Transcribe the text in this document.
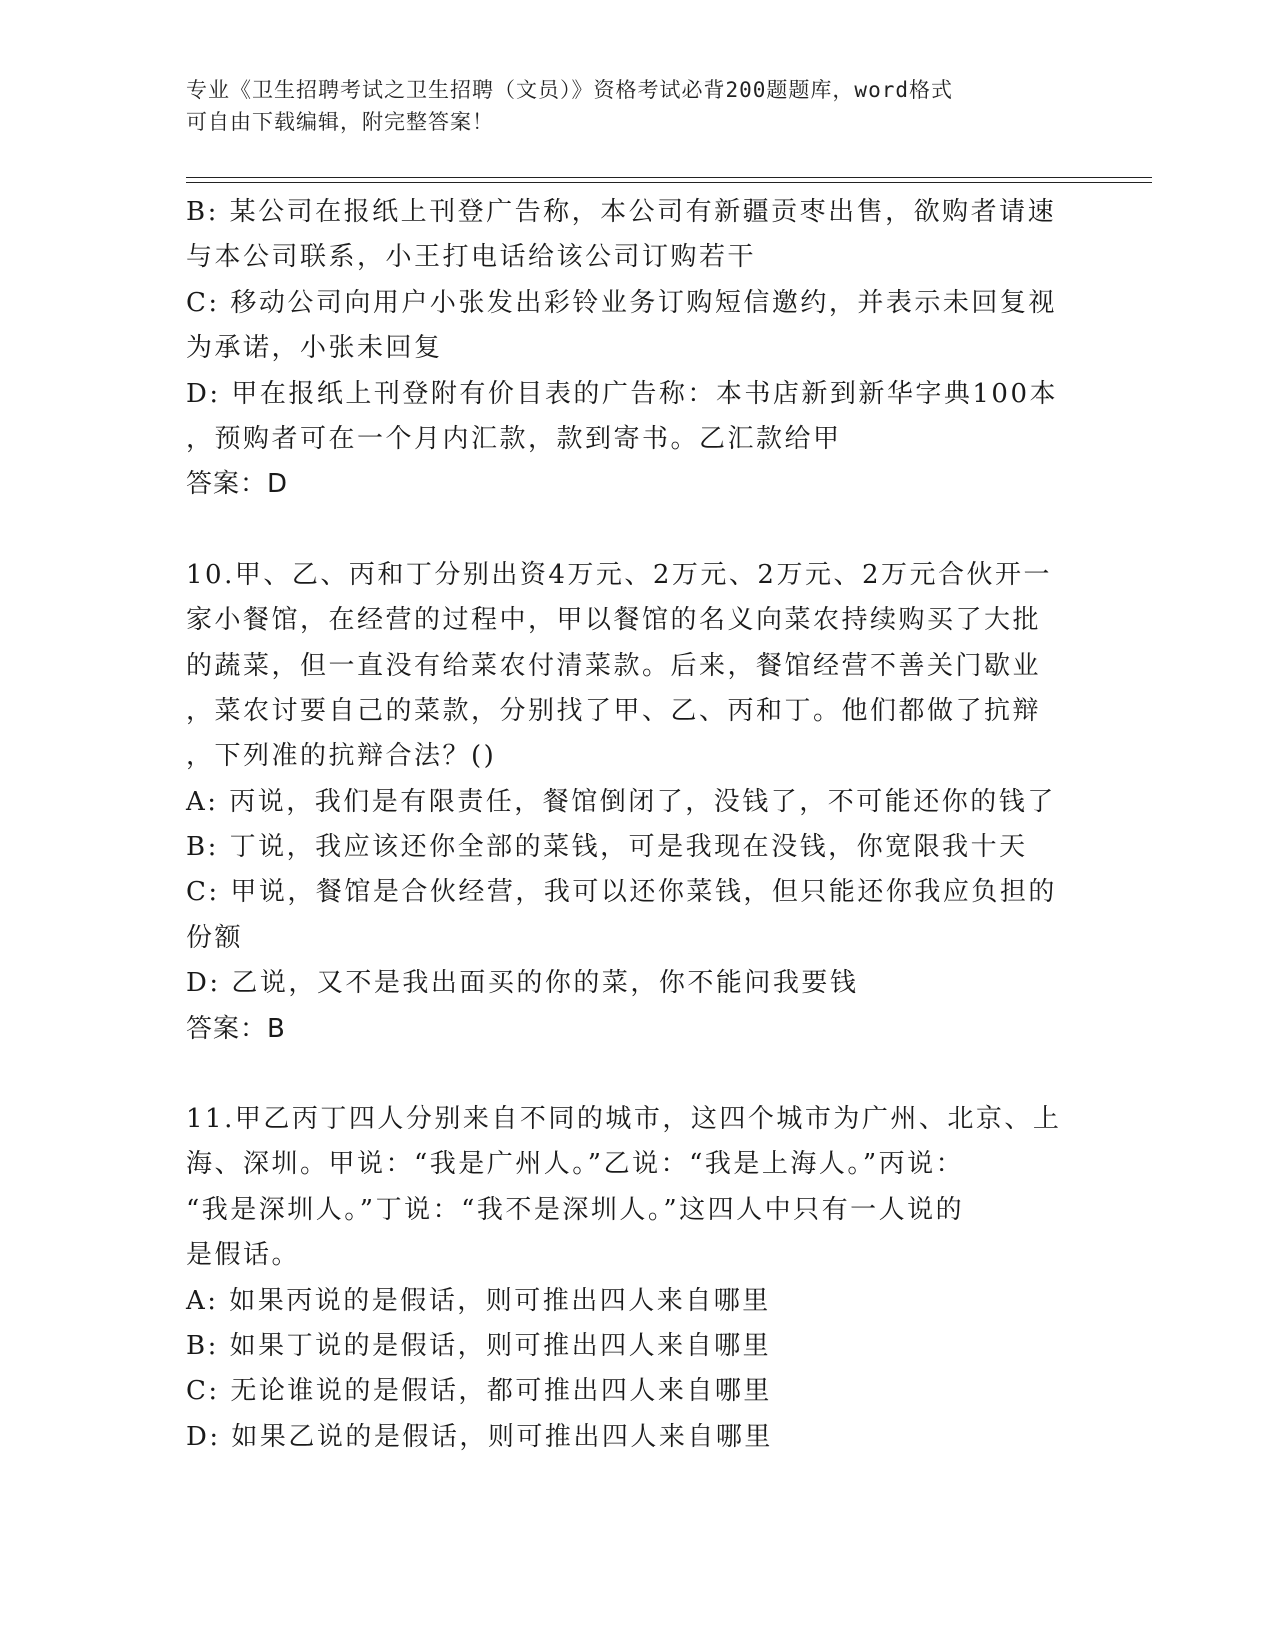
专业《卫生招聘考试之卫生招聘（文员）》资格考试必背200题题库，word格式

可自由下载编辑，附完整答案！

B: 某公司在报纸上刊登广告称，本公司有新疆贡枣出售，欲购者请速

与本公司联系，小王打电话给该公司订购若干

C: 移动公司向用户小张发出彩铃业务订购短信邀约，并表示未回复视

为承诺，小张未回复

D: 甲在报纸上刊登附有价目表的广告称：本书店新到新华字典100本

，预购者可在一个月内汇款，款到寄书。乙汇款给甲

答案：D

10.甲、乙、丙和丁分别出资4万元、2万元、2万元、2万元合伙开一

家小餐馆，在经营的过程中，甲以餐馆的名义向菜农持续购买了大批

的蔬菜，但一直没有给菜农付清菜款。后来，餐馆经营不善关门歇业

，菜农讨要自己的菜款，分别找了甲、乙、丙和丁。他们都做了抗辩

，下列准的抗辩合法？()

A: 丙说，我们是有限责任，餐馆倒闭了，没钱了，不可能还你的钱了

B: 丁说，我应该还你全部的菜钱，可是我现在没钱，你宽限我十天

C: 甲说，餐馆是合伙经营，我可以还你菜钱，但只能还你我应负担的

份额

D: 乙说，又不是我出面买的你的菜，你不能问我要钱

答案：B

11.甲乙丙丁四人分别来自不同的城市，这四个城市为广州、北京、上

海、深圳。甲说：“我是广州人。”乙说：“我是上海人。”丙说：

“我是深圳人。”丁说：“我不是深圳人。”这四人中只有一人说的

是假话。

A: 如果丙说的是假话，则可推出四人来自哪里

B: 如果丁说的是假话，则可推出四人来自哪里

C: 无论谁说的是假话，都可推出四人来自哪里

D: 如果乙说的是假话，则可推出四人来自哪里
